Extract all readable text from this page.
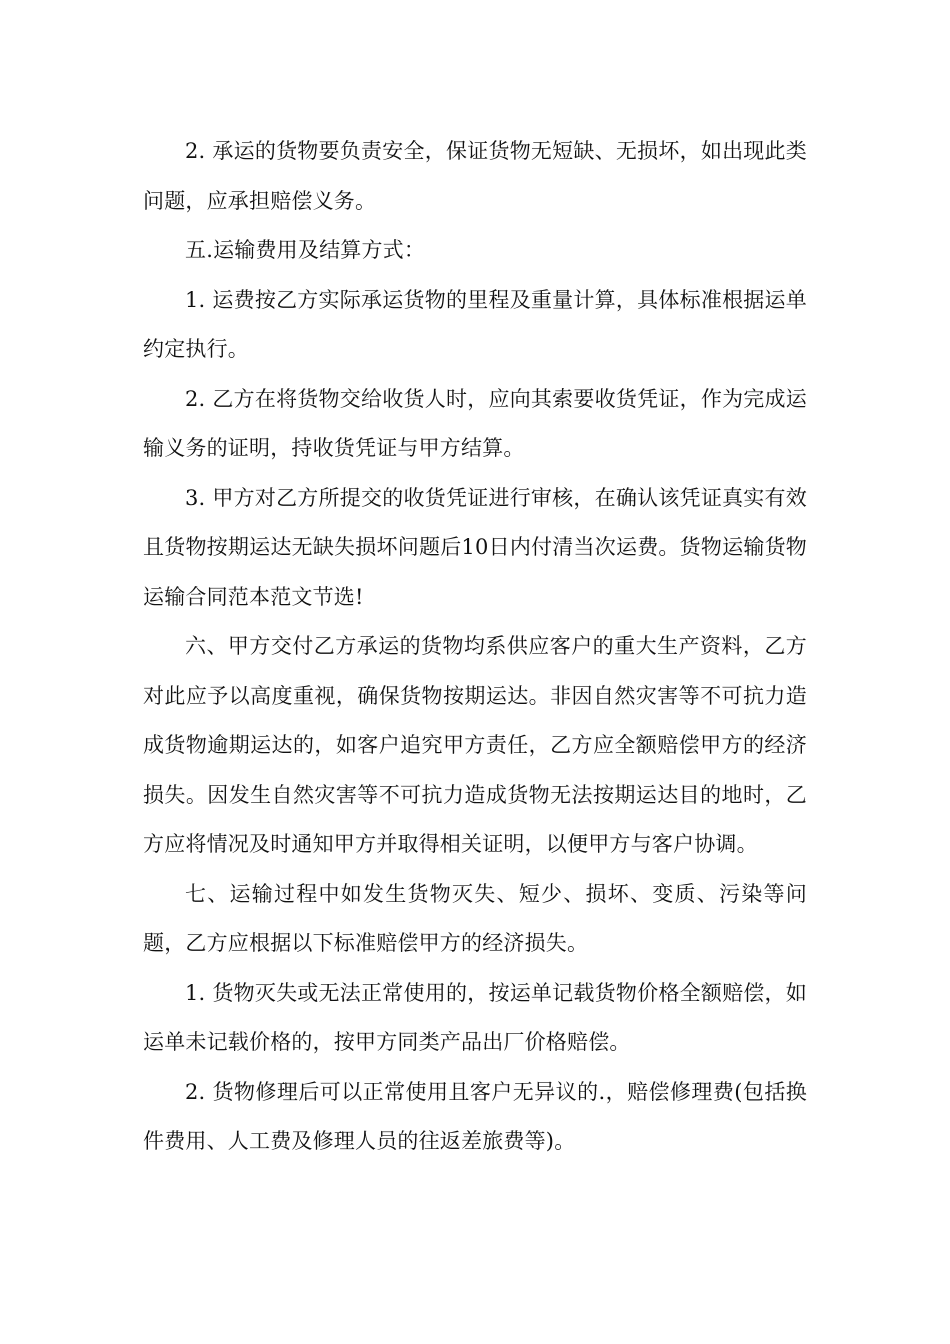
2. 承运的货物要负责安全，保证货物无短缺、无损坏，如出现此类问题，应承担赔偿义务。

五.运输费用及结算方式：

1. 运费按乙方实际承运货物的里程及重量计算，具体标准根据运单约定执行。

2. 乙方在将货物交给收货人时，应向其索要收货凭证，作为完成运输义务的证明，持收货凭证与甲方结算。

3. 甲方对乙方所提交的收货凭证进行审核，在确认该凭证真实有效且货物按期运达无缺失损坏问题后10日内付清当次运费。货物运输货物运输合同范本范文节选!

六、甲方交付乙方承运的货物均系供应客户的重大生产资料，乙方对此应予以高度重视，确保货物按期运达。非因自然灾害等不可抗力造成货物逾期运达的，如客户追究甲方责任，乙方应全额赔偿甲方的经济损失。因发生自然灾害等不可抗力造成货物无法按期运达目的地时，乙方应将情况及时通知甲方并取得相关证明，以便甲方与客户协调。

七、运输过程中如发生货物灭失、短少、损坏、变质、污染等问题，乙方应根据以下标准赔偿甲方的经济损失。

1. 货物灭失或无法正常使用的，按运单记载货物价格全额赔偿，如运单未记载价格的，按甲方同类产品出厂价格赔偿。

2. 货物修理后可以正常使用且客户无异议的.，赔偿修理费(包括换件费用、人工费及修理人员的往返差旅费等)。
